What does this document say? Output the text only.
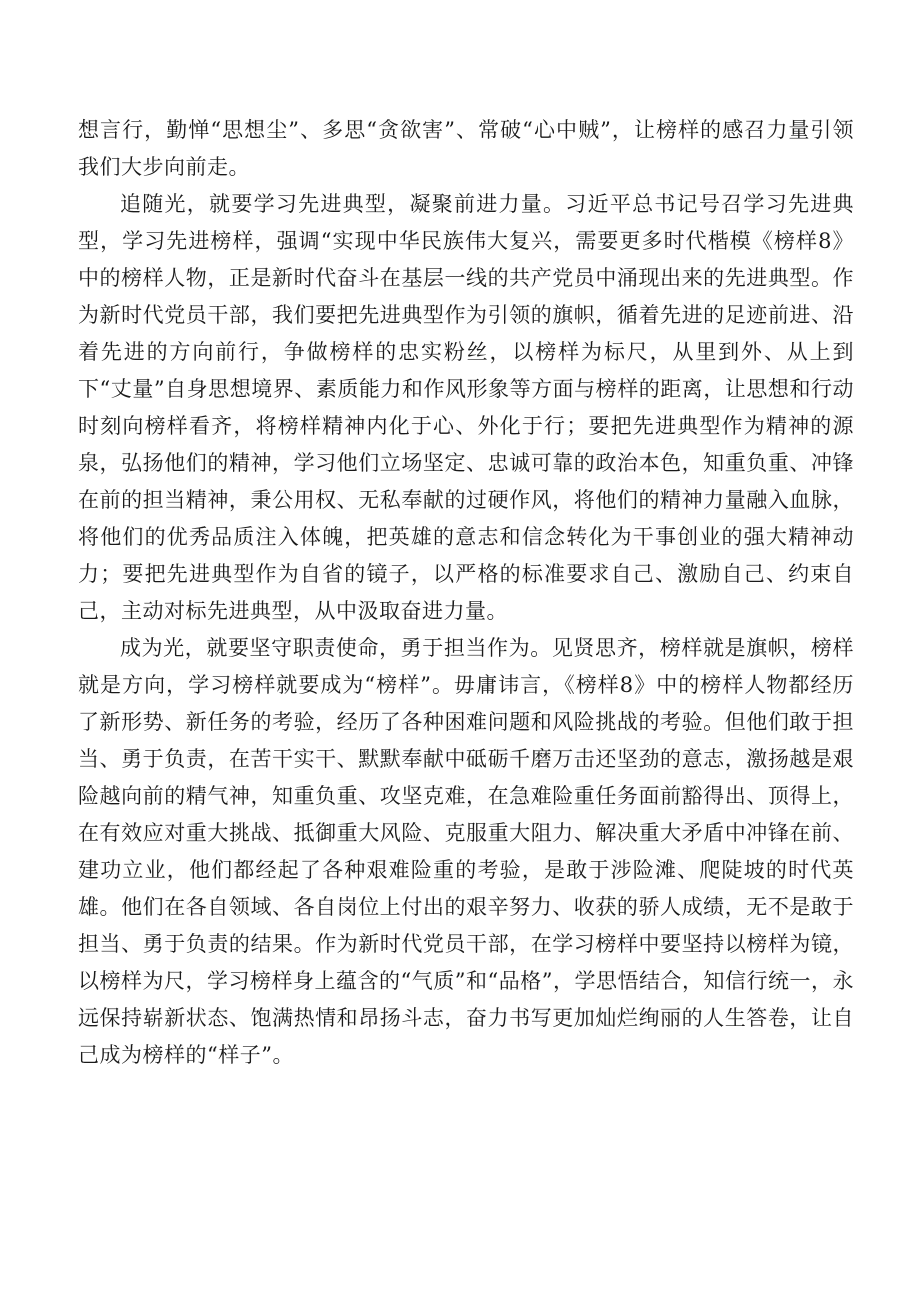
想言行，勤惮“思想尘”、多思“贪欲害”、常破“心中贼”，让榜样的感召力量引领我们大步向前走。

追随光，就要学习先进典型，凝聚前进力量。习近平总书记号召学习先进典型，学习先进榜样，强调“实现中华民族伟大复兴，需要更多时代楷模《榜样8》中的榜样人物，正是新时代奋斗在基层一线的共产党员中涌现出来的先进典型。作为新时代党员干部，我们要把先进典型作为引领的旗帜，循着先进的足迹前进、沿着先进的方向前行，争做榜样的忠实粉丝，以榜样为标尺，从里到外、从上到下“丈量”自身思想境界、素质能力和作风形象等方面与榜样的距离，让思想和行动时刻向榜样看齐，将榜样精神内化于心、外化于行；要把先进典型作为精神的源泉，弘扬他们的精神，学习他们立场坚定、忠诚可靠的政治本色，知重负重、冲锋在前的担当精神，秉公用权、无私奉献的过硬作风，将他们的精神力量融入血脉，将他们的优秀品质注入体魄，把英雄的意志和信念转化为干事创业的强大精神动力；要把先进典型作为自省的镜子，以严格的标准要求自己、激励自己、约束自己，主动对标先进典型，从中汲取奋进力量。

成为光，就要坚守职责使命，勇于担当作为。见贤思齐，榜样就是旗帜，榜样就是方向，学习榜样就要成为“榜样”。毋庸讳言，《榜样8》中的榜样人物都经历了新形势、新任务的考验，经历了各种困难问题和风险挑战的考验。但他们敢于担当、勇于负责，在苦干实干、默默奉献中砥砺千磨万击还坚劲的意志，激扬越是艰险越向前的精气神，知重负重、攻坚克难，在急难险重任务面前豁得出、顶得上，在有效应对重大挑战、抵御重大风险、克服重大阻力、解决重大矛盾中冲锋在前、建功立业，他们都经起了各种艰难险重的考验，是敢于涉险滩、爬陡坡的时代英雄。他们在各自领域、各自岗位上付出的艰辛努力、收获的骄人成绩，无不是敢于担当、勇于负责的结果。作为新时代党员干部，在学习榜样中要坚持以榜样为镜，以榜样为尺，学习榜样身上蕴含的“气质”和“品格”，学思悟结合，知信行统一，永远保持崭新状态、饱满热情和昂扬斗志，奋力书写更加灿烂绚丽的人生答卷，让自己成为榜样的“样子”。
